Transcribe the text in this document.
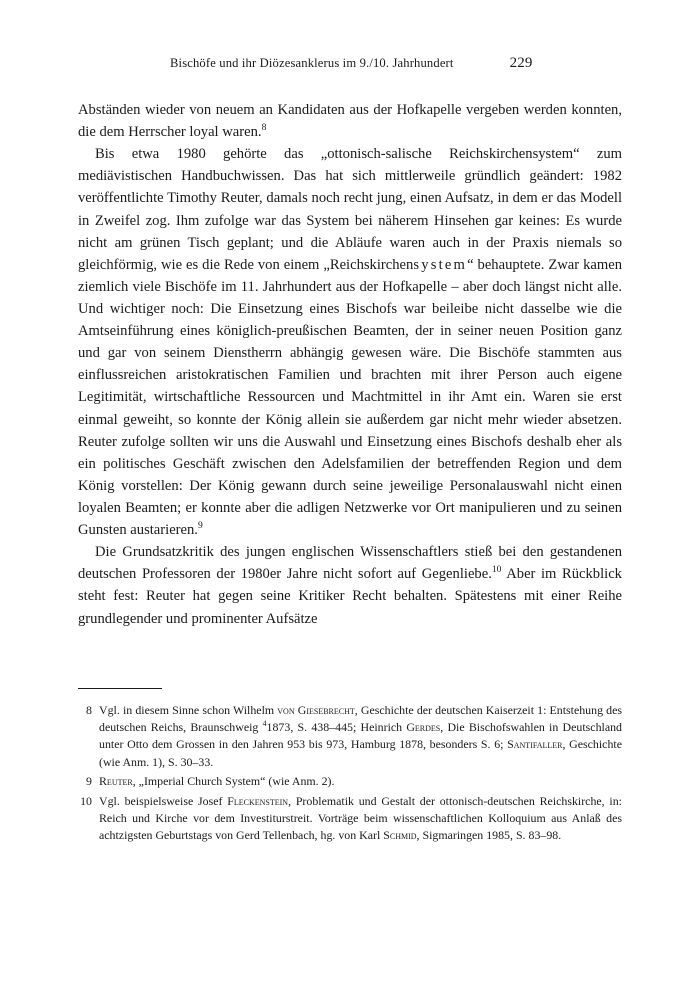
Bischöfe und ihr Diözesanklerus im 9./10. Jahrhundert	229

Abständen wieder von neuem an Kandidaten aus der Hofkapelle vergeben werden konnten, die dem Herrscher loyal waren.$^8$

Bis etwa 1980 gehörte das „ottonisch-salische Reichskirchensystem“ zum mediävistischen Handbuchwissen. Das hat sich mittlerweile gründlich geändert: 1982 veröffentlichte Timothy Reuter, damals noch recht jung, einen Aufsatz, in dem er das Modell in Zweifel zog. Ihm zufolge war das System bei näherem Hinsehen gar keines: Es wurde nicht am grünen Tisch geplant; und die Abläufe waren auch in der Praxis niemals so gleichförmig, wie es die Rede von einem „Reichskirchensystem“ behauptete. Zwar kamen ziemlich viele Bischöfe im 11. Jahrhundert aus der Hofkapelle – aber doch längst nicht alle. Und wichtiger noch: Die Einsetzung eines Bischofs war beileibe nicht dasselbe wie die Amtseinführung eines königlich-preußischen Beamten, der in seiner neuen Position ganz und gar von seinem Dienstherrn abhängig gewesen wäre. Die Bischöfe stammten aus einflussreichen aristokratischen Familien und brachten mit ihrer Person auch eigene Legitimität, wirtschaftliche Ressourcen und Machtmittel in ihr Amt ein. Waren sie erst einmal geweiht, so konnte der König allein sie außerdem gar nicht mehr wieder absetzen. Reuter zufolge sollten wir uns die Auswahl und Einsetzung eines Bischofs deshalb eher als ein politisches Geschäft zwischen den Adelsfamilien der betreffenden Region und dem König vorstellen: Der König gewann durch seine jeweilige Personalauswahl nicht einen loyalen Beamten; er konnte aber die adligen Netzwerke vor Ort manipulieren und zu seinen Gunsten austarieren.$^9$

Die Grundsatzkritik des jungen englischen Wissenschaftlers stieß bei den gestandenen deutschen Professoren der 1980er Jahre nicht sofort auf Gegenliebe.$^{10}$ Aber im Rückblick steht fest: Reuter hat gegen seine Kritiker Recht behalten. Spätestens mit einer Reihe grundlegender und prominenter Aufsätze

8 Vgl. in diesem Sinne schon Wilhelm von Giesebrecht, Geschichte der deutschen Kaiserzeit 1: Entstehung des deutschen Reichs, Braunschweig $^4$1873, S. 438–445; Heinrich Gerdes, Die Bischofswahlen in Deutschland unter Otto dem Grossen in den Jahren 953 bis 973, Hamburg 1878, besonders S. 6; Santifaller, Geschichte (wie Anm. 1), S. 30–33.
9 Reuter, „Imperial Church System“ (wie Anm. 2).
10 Vgl. beispielsweise Josef Fleckenstein, Problematik und Gestalt der ottonisch-deutschen Reichskirche, in: Reich und Kirche vor dem Investiturstreit. Vorträge beim wissenschaftlichen Kolloquium aus Anlaß des achtzigsten Geburtstags von Gerd Tellenbach, hg. von Karl Schmid, Sigmaringen 1985, S. 83–98.
